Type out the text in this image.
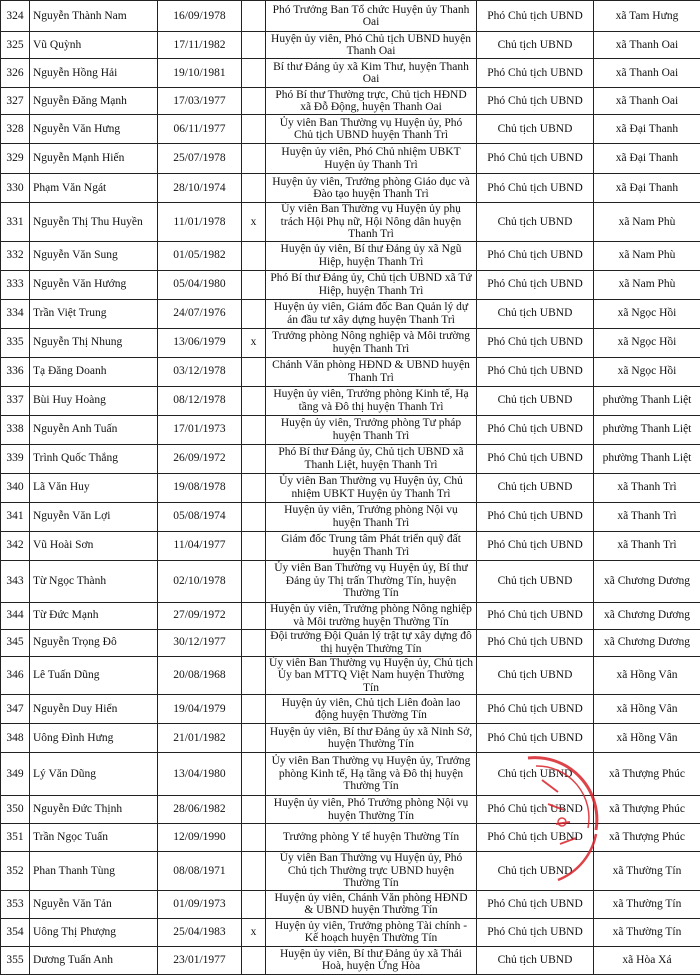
324	Nguyễn Thành Nam	16/09/1978		Phó Trưởng Ban Tổ chức Huyện ủy Thanh Oai	Phó Chủ tịch UBND	xã Tam Hưng
325	Vũ Quỳnh	17/11/1982		Huyện ủy viên, Phó Chủ tịch UBND huyện Thanh Oai	Chủ tịch UBND	xã Thanh Oai
326	Nguyễn Hồng Hải	19/10/1981		Bí thư Đảng ủy xã Kim Thư, huyện Thanh Oai	Phó Chủ tịch UBND	xã Thanh Oai
327	Nguyễn Đăng Mạnh	17/03/1977		Phó Bí thư Thường trực, Chủ tịch HĐND xã Đỗ Động, huyện Thanh Oai	Phó Chủ tịch UBND	xã Thanh Oai
328	Nguyễn Văn Hưng	06/11/1977		Ủy viên Ban Thường vụ Huyện ủy, Phó Chủ tịch UBND huyện Thanh Trì	Chủ tịch UBND	xã Đại Thanh
329	Nguyễn Mạnh Hiến	25/07/1978		Huyện ủy viên, Phó Chủ nhiệm UBKT Huyện ủy Thanh Trì	Phó Chủ tịch UBND	xã Đại Thanh
330	Phạm Văn Ngát	28/10/1974		Huyện ủy viên, Trưởng phòng Giáo dục và Đào tạo huyện Thanh Trì	Phó Chủ tịch UBND	xã Đại Thanh
331	Nguyễn Thị Thu Huyền	11/01/1978	x	Ủy viên Ban Thường vụ Huyện ủy phụ trách Hội Phụ nữ, Hội Nông dân huyện Thanh Trì	Chủ tịch UBND	xã Nam Phù
332	Nguyễn Văn Sung	01/05/1982		Huyện ủy viên, Bí thư Đảng ủy xã Ngũ Hiệp, huyện Thanh Trì	Phó Chủ tịch UBND	xã Nam Phù
333	Nguyễn Văn Hướng	05/04/1980		Phó Bí thư Đảng ủy, Chủ tịch UBND xã Tứ Hiệp, huyện Thanh Trì	Phó Chủ tịch UBND	xã Nam Phù
334	Trần Việt Trung	24/07/1976		Huyện ủy viên, Giám đốc Ban Quản lý dự án đầu tư xây dựng huyện Thanh Trì	Chủ tịch UBND	xã Ngọc Hồi
335	Nguyễn Thị Nhung	13/06/1979	x	Trưởng phòng Nông nghiệp và Môi trường huyện Thanh Trì	Phó Chủ tịch UBND	xã Ngọc Hồi
336	Tạ Đăng Doanh	03/12/1978		Chánh Văn phòng HĐND & UBND huyện Thanh Trì	Phó Chủ tịch UBND	xã Ngọc Hồi
337	Bùi Huy Hoàng	08/12/1978		Huyện ủy viên, Trưởng phòng Kinh tế, Hạ tầng và Đô thị huyện Thanh Trì	Chủ tịch UBND	phường Thanh Liệt
338	Nguyễn Anh Tuấn	17/01/1973		Huyện ủy viên, Trưởng phòng Tư pháp huyện Thanh Trì	Phó Chủ tịch UBND	phường Thanh Liệt
339	Trình Quốc Thắng	26/09/1972		Phó Bí thư Đảng ủy, Chủ tịch UBND xã Thanh Liệt, huyện Thanh Trì	Phó Chủ tịch UBND	phường Thanh Liệt
340	Lã Văn Huy	19/08/1978		Ủy viên Ban Thường vụ Huyện ủy, Chủ nhiệm UBKT Huyện ủy Thanh Trì	Chủ tịch UBND	xã Thanh Trì
341	Nguyễn Văn Lợi	05/08/1974		Huyện ủy viên, Trưởng phòng Nội vụ huyện Thanh Trì	Phó Chủ tịch UBND	xã Thanh Trì
342	Vũ Hoài Sơn	11/04/1977		Giám đốc Trung tâm Phát triển quỹ đất huyện Thanh Trì	Phó Chủ tịch UBND	xã Thanh Trì
343	Từ Ngọc Thành	02/10/1978		Ủy viên Ban Thường vụ Huyện ủy, Bí thư Đảng ủy Thị trấn Thường Tín, huyện Thường Tín	Chủ tịch UBND	xã Chương Dương
344	Từ Đức Mạnh	27/09/1972		Huyện ủy viên, Trưởng phòng Nông nghiệp và Môi trường huyện Thường Tín	Phó Chủ tịch UBND	xã Chương Dương
345	Nguyễn Trọng Đô	30/12/1977		Đội trưởng Đội Quản lý trật tự xây dựng đô thị huyện Thường Tín	Phó Chủ tịch UBND	xã Chương Dương
346	Lê Tuấn Dũng	20/08/1968		Ủy viên Ban Thường vụ Huyện ủy, Chủ tịch Ủy ban MTTQ Việt Nam huyện Thường Tín	Chủ tịch UBND	xã Hồng Vân
347	Nguyễn Duy Hiển	19/04/1979		Huyện ủy viên, Chủ tịch Liên đoàn lao động huyện Thường Tín	Phó Chủ tịch UBND	xã Hồng Vân
348	Uông Đình Hưng	21/01/1982		Huyện ủy viên, Bí thư Đảng ủy xã Ninh Sở, huyện Thường Tín	Phó Chủ tịch UBND	xã Hồng Vân
349	Lý Văn Dũng	13/04/1980		Ủy viên Ban Thường vụ Huyện ủy, Trưởng phòng Kinh tế, Hạ tầng và Đô thị huyện Thường Tín	Chủ tịch UBND	xã Thượng Phúc
350	Nguyễn Đức Thịnh	28/06/1982		Huyện ủy viên, Phó Trưởng phòng Nội vụ huyện Thường Tín	Phó Chủ tịch UBND	xã Thượng Phúc
351	Trần Ngọc Tuấn	12/09/1990		Trưởng phòng Y tế huyện Thường Tín	Phó Chủ tịch UBND	xã Thượng Phúc
352	Phan Thanh Tùng	08/08/1971		Ủy viên Ban Thường vụ Huyện ủy, Phó Chủ tịch Thường trực UBND huyện Thường Tín	Chủ tịch UBND	xã Thường Tín
353	Nguyễn Văn Tản	01/09/1973		Huyện ủy viên, Chánh Văn phòng HĐND & UBND huyện Thường Tín	Phó Chủ tịch UBND	xã Thường Tín
354	Uông Thị Phượng	25/04/1983	x	Huyện ủy viên, Trưởng phòng Tài chính - Kế hoạch huyện Thường Tín	Phó Chủ tịch UBND	xã Thường Tín
355	Dương Tuấn Anh	23/01/1977		Huyện ủy viên, Bí thư Đảng ủy xã Thái Hoà, huyện Ứng Hòa	Chủ tịch UBND	xã Hòa Xá
